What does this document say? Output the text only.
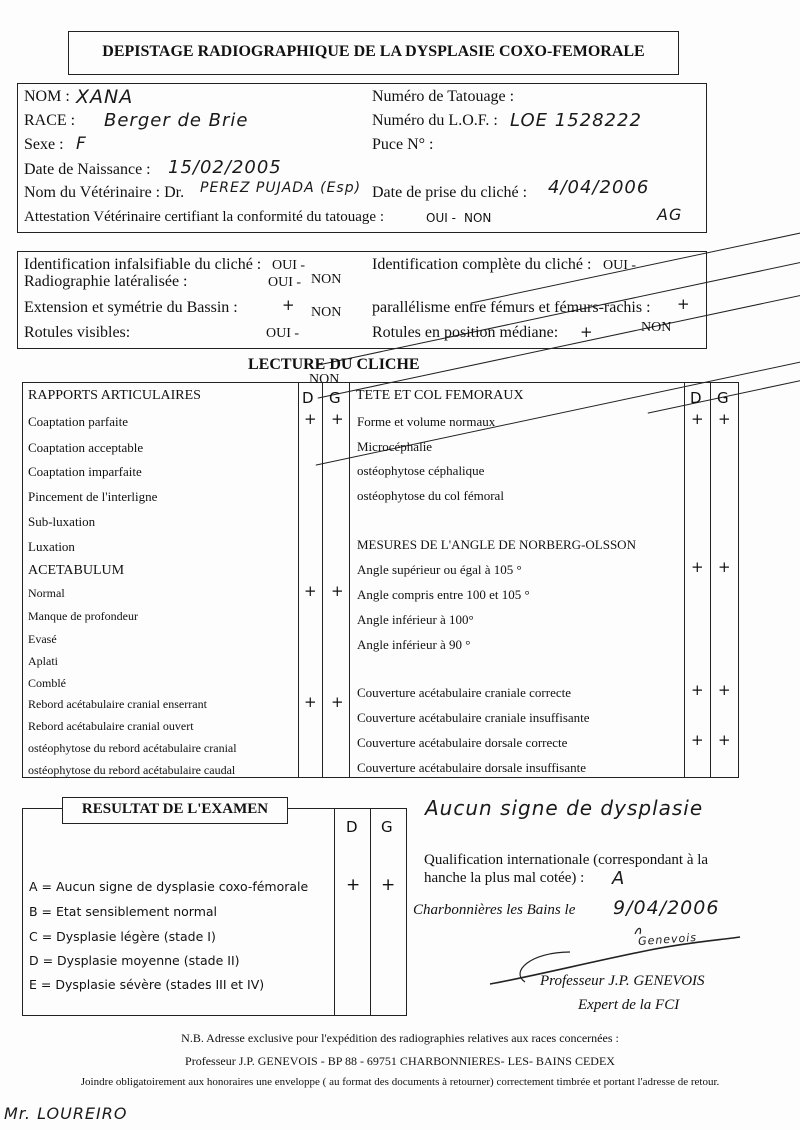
DEPISTAGE RADIOGRAPHIQUE DE LA DYSPLASIE COXO-FEMORALE
NOM : XANA
RACE : Berger de Brie
Sexe : F
Date de Naissance : 15/02/2005
Nom du Vétérinaire : Dr. PEREZ PUJADA (Esp)
Attestation Vétérinaire certifiant la conformité du tatouage :	OUI - NON	AG
Numéro de Tatouage :
Numéro du L.O.F. : LOE 1528222
Puce N° :
Date de prise du cliché : 4/04/2006
Identification infalsifiable du cliché : OUI -
NON
Radiographie latéralisée :	OUI -
NON
Extension et symétrie du Bassin :	+
Rotules visibles:	OUI -
NON
Identification complète du cliché : OUI -
NON
parallélisme entre fémurs et fémurs-rachis : +
Rotules en position médiane: +
LECTURE DU CLICHE
RAPPORTS ARTICULAIRES	D G TETE ET COL FEMORAUX	D G
Coaptation parfaite	+ +
Coaptation acceptable
Coaptation imparfaite
Pincement de l'interligne
Sub-luxation
Luxation
ACETABULUM
Normal	+ +
Manque de profondeur
Evasé
Aplati
Comblé
Rebord acétabulaire cranial enserrant	+ +
Rebord acétabulaire cranial ouvert
ostéophytose du rebord acétabulaire cranial
ostéophytose du rebord acétabulaire caudal
Forme et volume normaux	+ +
Microcéphalie
ostéophytose céphalique
ostéophytose du col fémoral
MESURES DE L'ANGLE DE NORBERG-OLSSON
Angle supérieur ou égal à 105 °	+ +
Angle compris entre 100 et 105 °
Angle inférieur à 100°
Angle inférieur à 90 °
Couverture acétabulaire craniale correcte	+ +
Couverture acétabulaire craniale insuffisante
Couverture acétabulaire dorsale correcte	+ +
Couverture acétabulaire dorsale insuffisante
RESULTAT DE L'EXAMEN
D G
A = Aucun signe de dysplasie coxo-fémorale + +
B = Etat sensiblement normal
C = Dysplasie légère (stade I)
D = Dysplasie moyenne (stade II)
E = Dysplasie sévère (stades III et IV)
Aucun signe de dysplasie
Qualification internationale (correspondant à la
hanche la plus mal cotée) : A
Charbonnières les Bains le 9/04/2006
Genevois
Professeur J.P. GENEVOIS
Expert de la FCI
N.B. Adresse exclusive pour l'expédition des radiographies relatives aux races concernées :
Professeur J.P. GENEVOIS - BP 88 - 69751 CHARBONNIERES- LES- BAINS CEDEX
Joindre obligatoirement aux honoraires une enveloppe ( au format des documents à retourner) correctement timbrée et portant l'adresse de retour.
Mr. LOUREIRO
